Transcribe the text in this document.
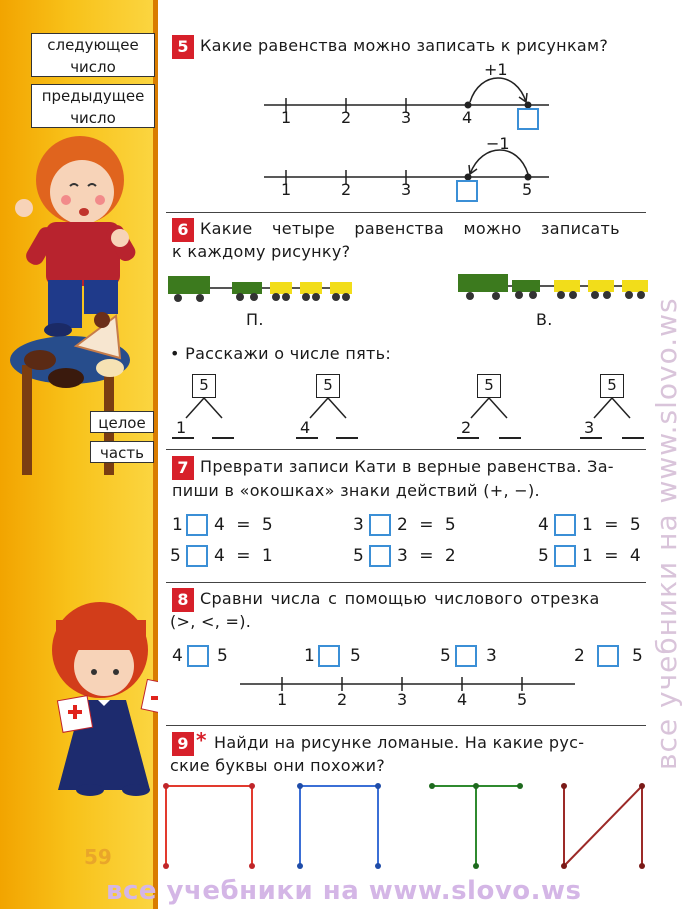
59
следующее
число
предыдущее
число
целое
часть
5 Какие равенства можно записать к рисункам?
+1
1	2	3	4
−1
1	2	3	5
6 Какие четыре равенства можно записать
к каждому рисунку?
П.	В.
• Расскажи о числе пять:
5
1
5
4
5
2
5
3
7 Преврати записи Кати в верные равенства. За-
пиши в «окошках» знаки действий (+, −).
1 4 = 5	3 2 = 5	4 1 = 5
5 4 = 1	5 3 = 2	5 1 = 4
8 Сравни числа с помощью числового отрезка
(>, <, =).
4 5	1 5	5 3	2	5
1	2	3	4	5
9 * Найди на рисунке ломаные. На какие рус-
ские буквы они похожи?	все учебники на www.slovo.ws
все учебники на www.slovo.ws
